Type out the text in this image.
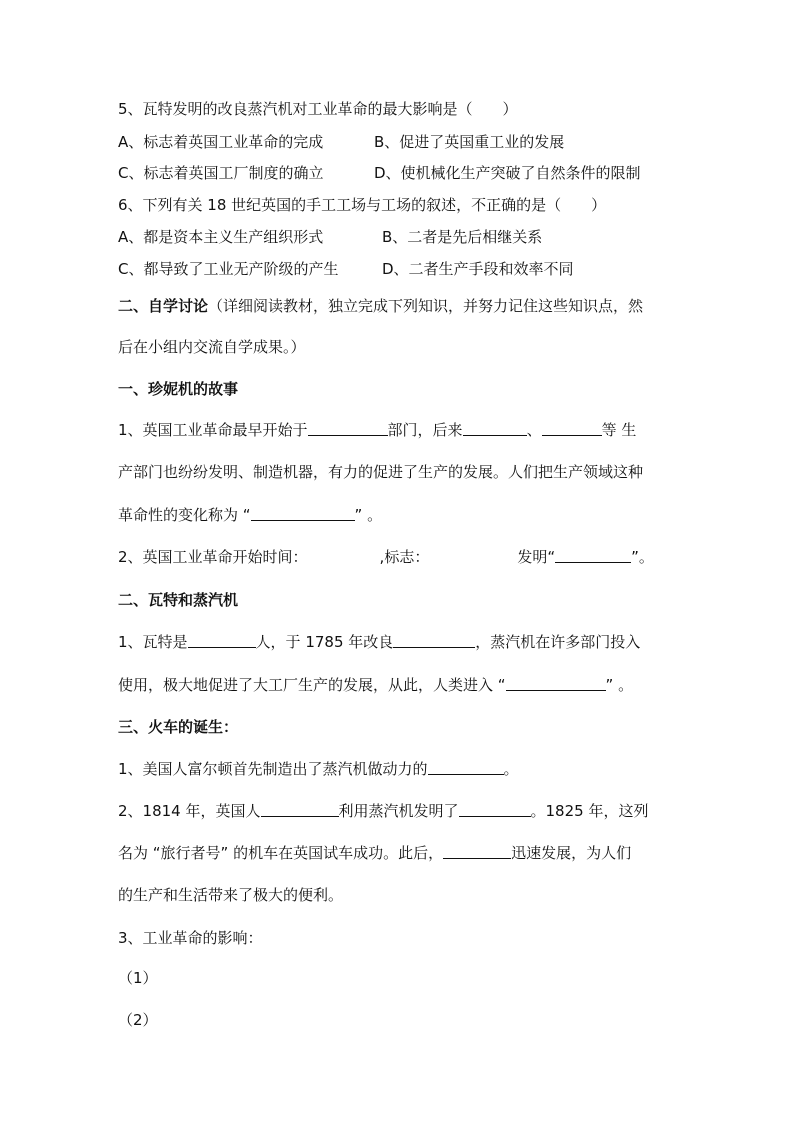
5、瓦特发明的改良蒸汽机对工业革命的最大影响是（　　）
A、标志着英国工业革命的完成	B、促进了英国重工业的发展
C、标志着英国工厂制度的确立	D、使机械化生产突破了自然条件的限制
6、下列有关 18 世纪英国的手工工场与工场的叙述，不正确的是（　　）
A、都是资本主义生产组织形式	B、二者是先后相继关系
C、都导致了工业无产阶级的产生	D、二者生产手段和效率不同
二、自学讨论（详细阅读教材，独立完成下列知识，并努力记住这些知识点，然
后在小组内交流自学成果。）
一、珍妮机的故事
1、英国工业革命最早开始于	部门，后来	、	等 生
产部门也纷纷发明、制造机器，有力的促进了生产的发展。人们把生产领域这种
革命性的变化称为 “	” 。
2、英国工业革命开始时间：	,标志：	发明“	”。
二、瓦特和蒸汽机
1、瓦特是	人，于 1785 年改良	，蒸汽机在许多部门投入
使用，极大地促进了大工厂生产的发展，从此，人类进入 “	” 。
三、火车的诞生：
1、美国人富尔顿首先制造出了蒸汽机做动力的	。
2、1814 年，英国人	利用蒸汽机发明了	。1825 年，这列
名为 “旅行者号” 的机车在英国试车成功。此后，	迅速发展，为人们
的生产和生活带来了极大的便利。
3、工业革命的影响：
（1）
（2）
